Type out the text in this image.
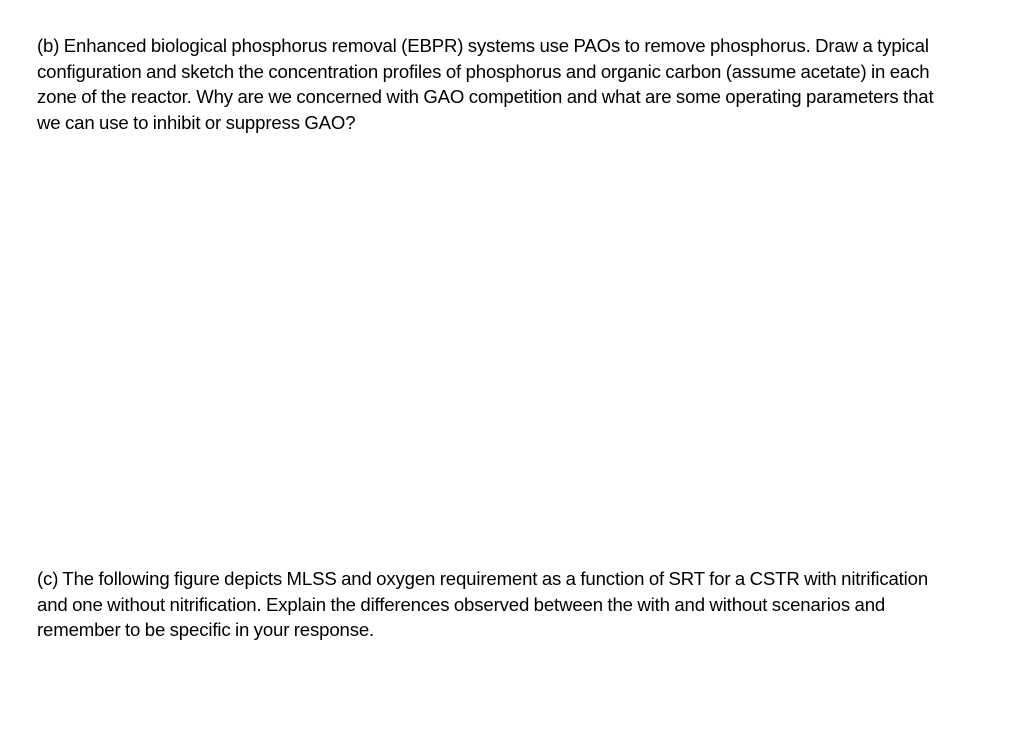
(b) Enhanced biological phosphorus removal (EBPR) systems use PAOs to remove phosphorus. Draw a typical configuration and sketch the concentration profiles of phosphorus and organic carbon (assume acetate) in each zone of the reactor. Why are we concerned with GAO competition and what are some operating parameters that we can use to inhibit or suppress GAO?

(c) The following figure depicts MLSS and oxygen requirement as a function of SRT for a CSTR with nitrification and one without nitrification. Explain the differences observed between the with and without scenarios and remember to be specific in your response.
